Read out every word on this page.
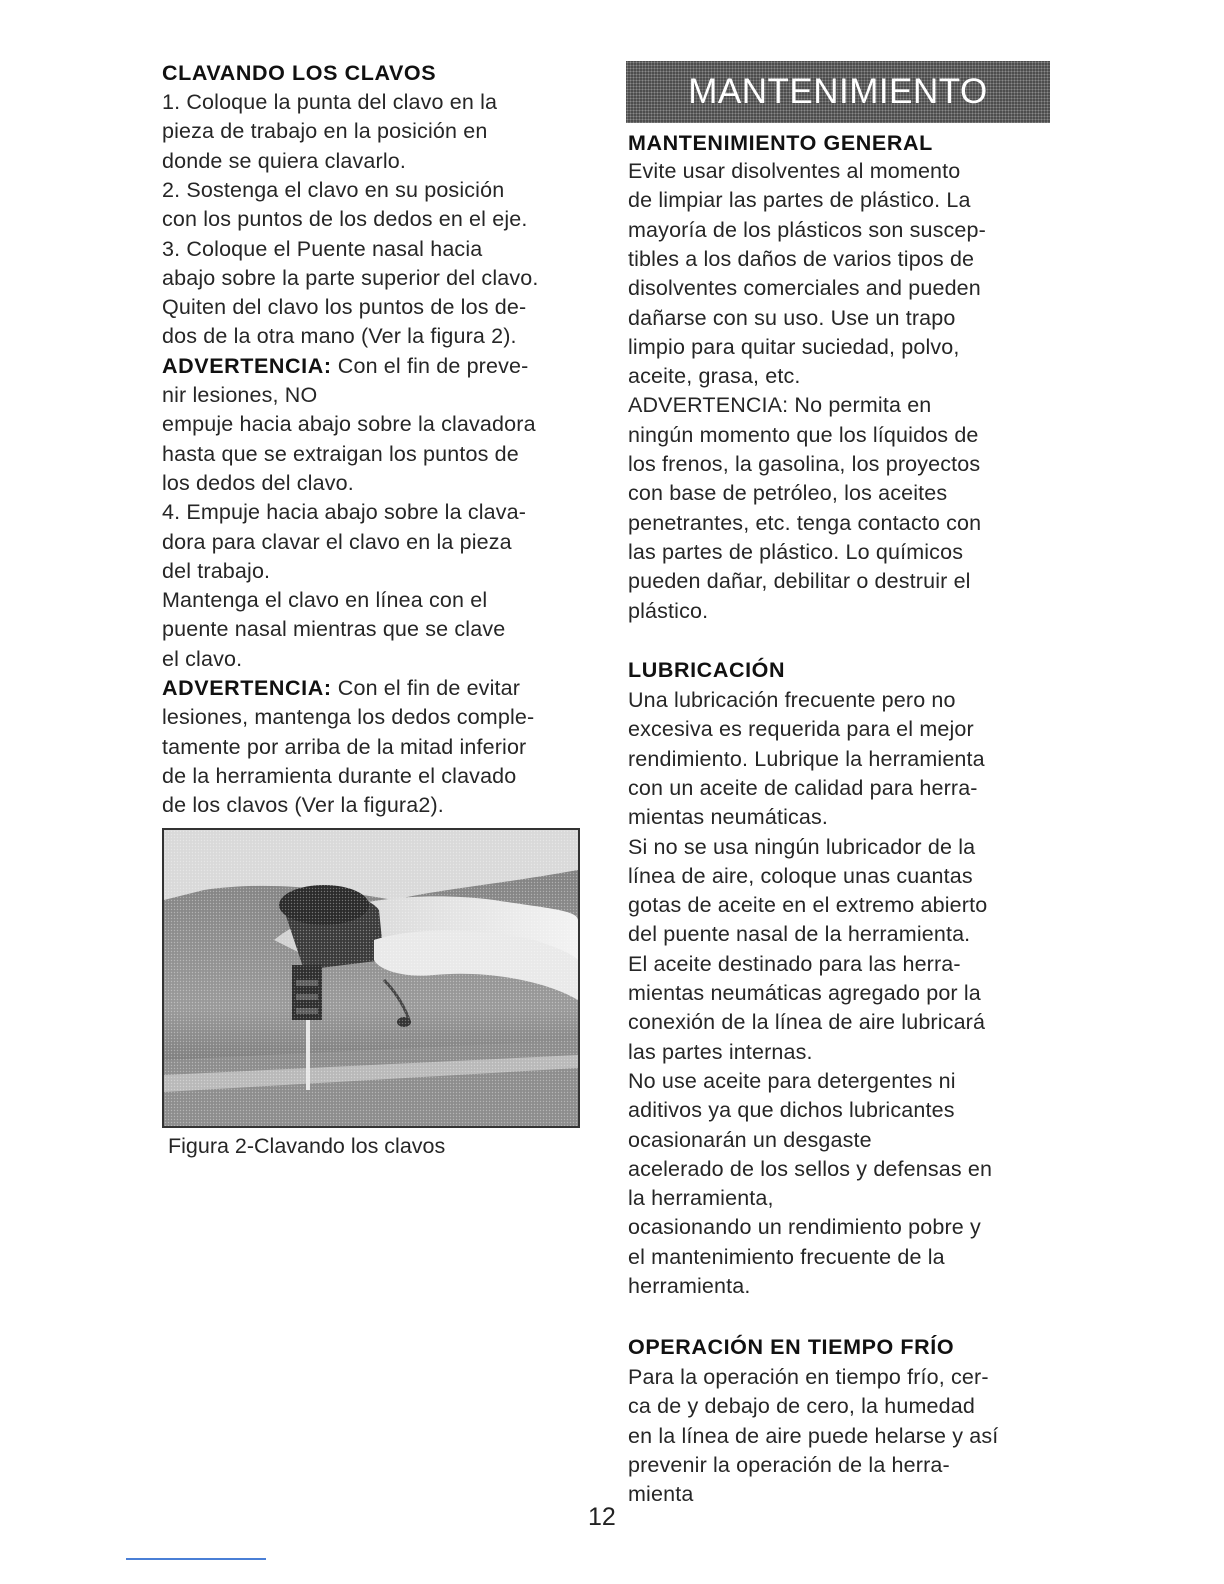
CLAVANDO LOS CLAVOS
1. Coloque la punta del clavo en la
pieza de trabajo en la posición en
donde se quiera clavarlo.
2. Sostenga el clavo en su posición
con los puntos de los dedos en el eje.
3. Coloque el Puente nasal hacia
abajo sobre la parte superior del clavo.
Quiten del clavo los puntos de los de-
dos de la otra mano (Ver la figura 2).
ADVERTENCIA: Con el fin de preve-
nir lesiones, NO
empuje hacia abajo sobre la clavadora
hasta que se extraigan los puntos de
los dedos del clavo.
4. Empuje hacia abajo sobre la clava-
dora para clavar el clavo en la pieza
del trabajo.
Mantenga el clavo en línea con el
puente nasal mientras que se clave
el clavo.
ADVERTENCIA: Con el fin de evitar
lesiones, mantenga los dedos comple-
tamente por arriba de la mitad inferior
de la herramienta durante el clavado
de los clavos (Ver la figura2).
Figura 2-Clavando los clavos
MANTENIMIENTO
MANTENIMIENTO GENERAL
Evite usar disolventes al momento
de limpiar las partes de plástico. La
mayoría de los plásticos son suscep-
tibles a los daños de varios tipos de
disolventes comerciales and pueden
dañarse con su uso. Use un trapo
limpio para quitar suciedad, polvo,
aceite, grasa, etc.
ADVERTENCIA: No permita en
ningún momento que los líquidos de
los frenos, la gasolina, los proyectos
con base de petróleo, los aceites
penetrantes, etc. tenga contacto con
las partes de plástico. Lo químicos
pueden dañar, debilitar o destruir el
plástico.
LUBRICACIÓN
Una lubricación frecuente pero no
excesiva es requerida para el mejor
rendimiento. Lubrique la herramienta
con un aceite de calidad para herra-
mientas neumáticas.
Si no se usa ningún lubricador de la
línea de aire, coloque unas cuantas
gotas de aceite en el extremo abierto
del puente nasal de la herramienta.
El aceite destinado para las herra-
mientas neumáticas agregado por la
conexión de la línea de aire lubricará
las partes internas.
No use aceite para detergentes ni
aditivos ya que dichos lubricantes
ocasionarán un desgaste
acelerado de los sellos y defensas en
la herramienta,
ocasionando un rendimiento pobre y
el mantenimiento frecuente de la
herramienta.
OPERACIÓN EN TIEMPO FRÍO
Para la operación en tiempo frío, cer-
ca de y debajo de cero, la humedad
en la línea de aire puede helarse y así
prevenir la operación de la herra-
mienta
12
